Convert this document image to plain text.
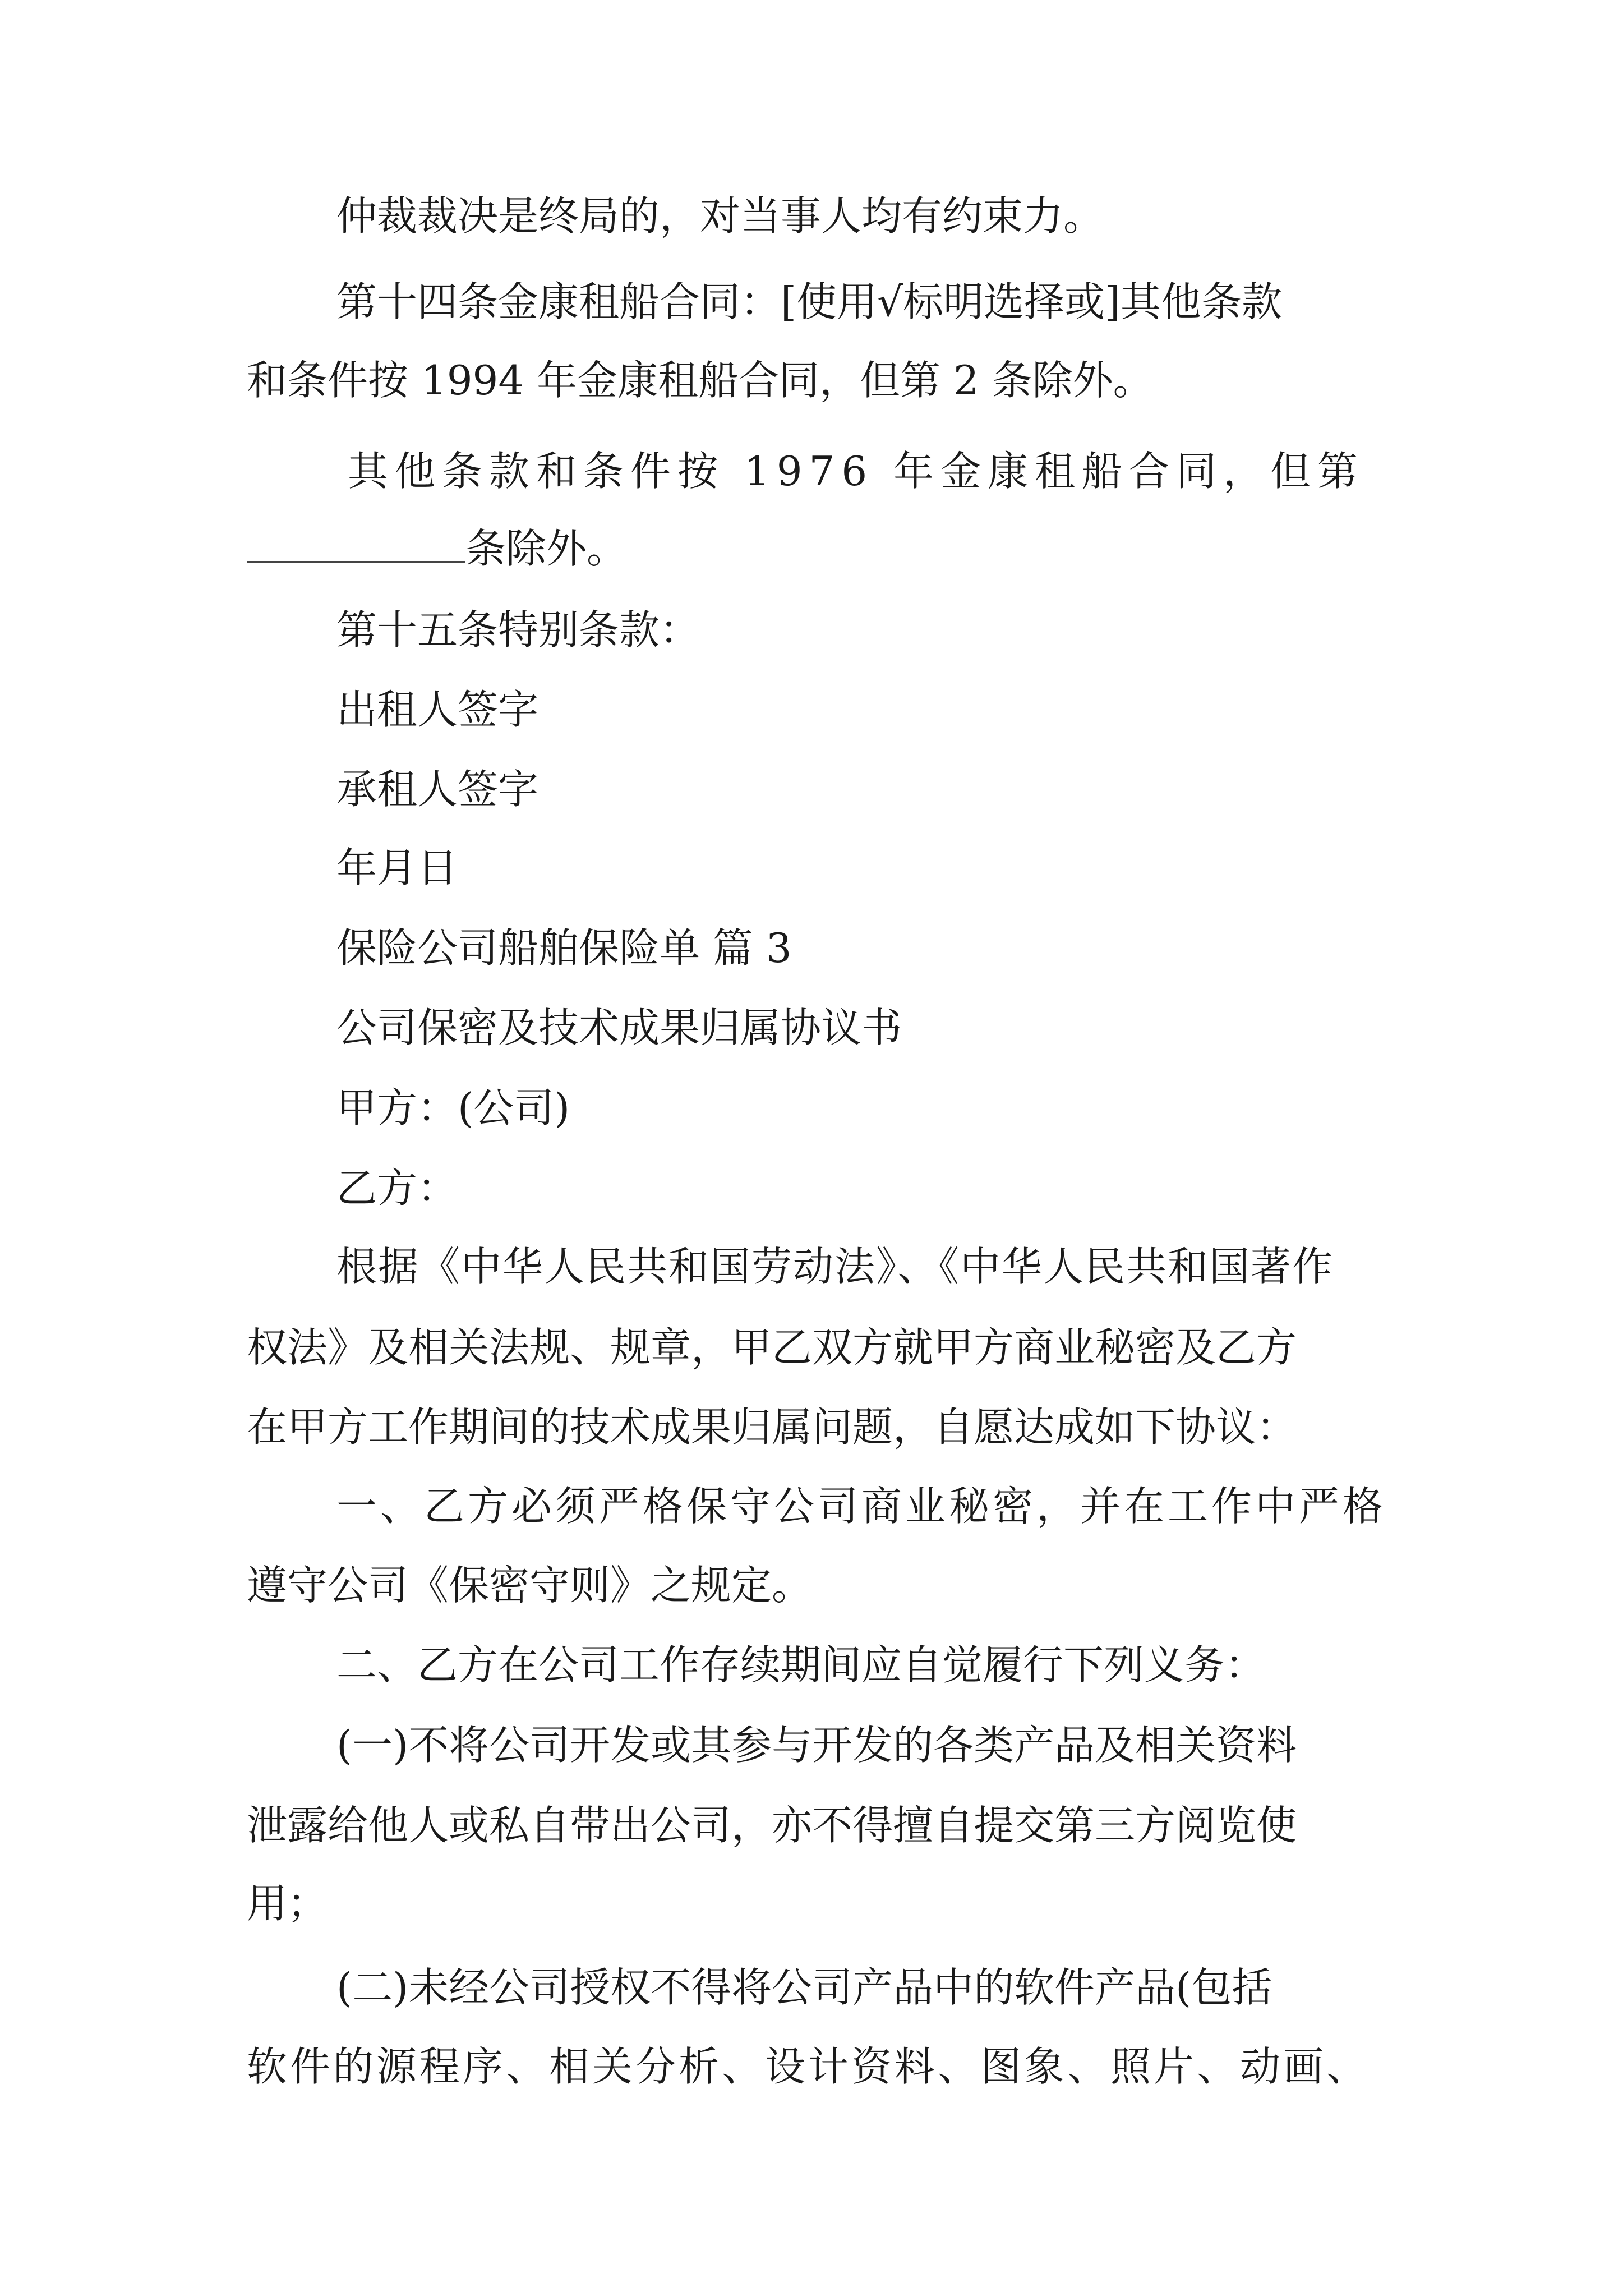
仲裁裁决是终局的，对当事人均有约束力。
第十四条金康租船合同：[使用√标明选择或]其他条款
和条件按 1994 年金康租船合同，但第 2 条除外。
其他条款和条件按 1976 年金康租船合同，但第
条除外。
第十五条特别条款：
出租人签字
承租人签字
年月日
保险公司船舶保险单 篇 3
公司保密及技术成果归属协议书
甲方：(公司)
乙方：
根据《中华人民共和国劳动法》、《中华人民共和国著作
权法》及相关法规、规章，甲乙双方就甲方商业秘密及乙方
在甲方工作期间的技术成果归属问题，自愿达成如下协议：
一、乙方必须严格保守公司商业秘密，并在工作中严格
遵守公司《保密守则》之规定。
二、乙方在公司工作存续期间应自觉履行下列义务：
(一)不将公司开发或其参与开发的各类产品及相关资料
泄露给他人或私自带出公司，亦不得擅自提交第三方阅览使
用；
(二)未经公司授权不得将公司产品中的软件产品(包括
软件的源程序、相关分析、设计资料、图象、照片、动画、
